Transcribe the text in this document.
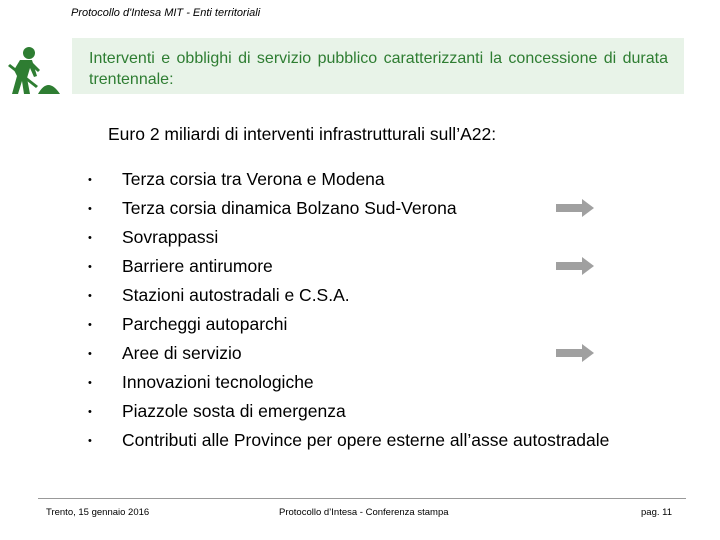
Protocollo d'Intesa MIT - Enti territoriali

Interventi e obblighi di servizio pubblico caratterizzanti la concessione di durata trentennale:

Euro 2 miliardi di interventi infrastrutturali sull’A22:
•	Terza corsia tra Verona e Modena
•	Terza corsia dinamica Bolzano Sud-Verona
•	Sovrappassi
•	Barriere antirumore
•	Stazioni autostradali e C.S.A.
•	Parcheggi autoparchi
•	Aree di servizio
•	Innovazioni tecnologiche
•	Piazzole sosta di emergenza
•	Contributi alle Province per opere esterne all’asse autostradale
Trento, 15 gennaio 2016	Protocollo d’Intesa - Conferenza stampa	pag. 11
